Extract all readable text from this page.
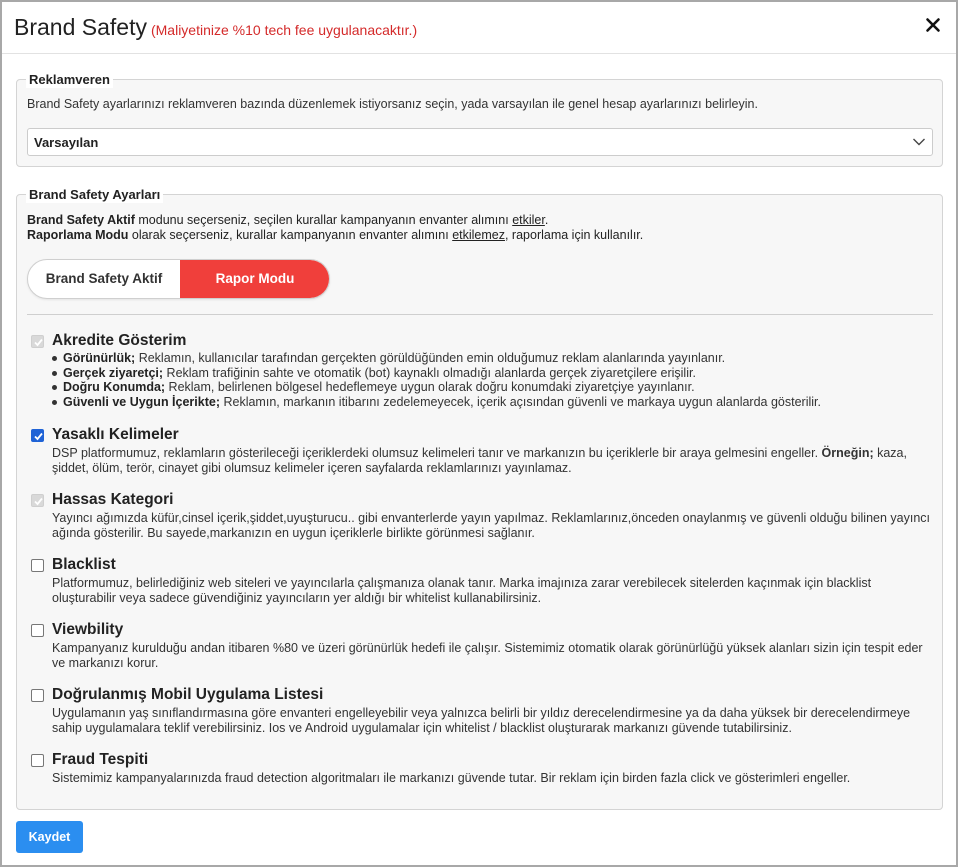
Brand Safety (Maliyetinize %10 tech fee uygulanacaktır.)
Reklamveren
Brand Safety ayarlarınızı reklamveren bazında düzenlemek istiyorsanız seçin, yada varsayılan ile genel hesap ayarlarınızı belirleyin.
Varsayılan
Brand Safety Ayarları
Brand Safety Aktif modunu seçerseniz, seçilen kurallar kampanyanın envanter alımını etkiler.
Raporlama Modu olarak seçerseniz, kurallar kampanyanın envanter alımını etkilemez, raporlama için kullanılır.
Brand Safety Aktif	Rapor Modu
Akredite Gösterim
Görünürlük; Reklamın, kullanıcılar tarafından gerçekten görüldüğünden emin olduğumuz reklam alanlarında yayınlanır.
Gerçek ziyaretçi; Reklam trafiğinin sahte ve otomatik (bot) kaynaklı olmadığı alanlarda gerçek ziyaretçilere erişilir.
Doğru Konumda; Reklam, belirlenen bölgesel hedeflemeye uygun olarak doğru konumdaki ziyaretçiye yayınlanır.
Güvenli ve Uygun İçerikte; Reklamın, markanın itibarını zedelemeyecek, içerik açısından güvenli ve markaya uygun alanlarda gösterilir.
Yasaklı Kelimeler
DSP platformumuz, reklamların gösterileceği içeriklerdeki olumsuz kelimeleri tanır ve markanızın bu içeriklerle bir araya gelmesini engeller. Örneğin; kaza, şiddet, ölüm, terör, cinayet gibi olumsuz kelimeler içeren sayfalarda reklamlarınızı yayınlamaz.
Hassas Kategori
Yayıncı ağımızda küfür,cinsel içerik,şiddet,uyuşturucu.. gibi envanterlerde yayın yapılmaz. Reklamlarınız,önceden onaylanmış ve güvenli olduğu bilinen yayıncı ağında gösterilir. Bu sayede,markanızın en uygun içeriklerle birlikte görünmesi sağlanır.
Blacklist
Platformumuz, belirlediğiniz web siteleri ve yayıncılarla çalışmanıza olanak tanır. Marka imajınıza zarar verebilecek sitelerden kaçınmak için blacklist oluşturabilir veya sadece güvendiğiniz yayıncıların yer aldığı bir whitelist kullanabilirsiniz.
Viewbility
Kampanyanız kurulduğu andan itibaren %80 ve üzeri görünürlük hedefi ile çalışır. Sistemimiz otomatik olarak görünürlüğü yüksek alanları sizin için tespit eder ve markanızı korur.
Doğrulanmış Mobil Uygulama Listesi
Uygulamanın yaş sınıflandırmasına göre envanteri engelleyebilir veya yalnızca belirli bir yıldız derecelendirmesine ya da daha yüksek bir derecelendirmeye sahip uygulamalara teklif verebilirsiniz. Ios ve Android uygulamalar için whitelist / blacklist oluşturarak markanızı güvende tutabilirsiniz.
Fraud Tespiti
Sistemimiz kampanyalarınızda fraud detection algoritmaları ile markanızı güvende tutar. Bir reklam için birden fazla click ve gösterimleri engeller.
Kaydet
